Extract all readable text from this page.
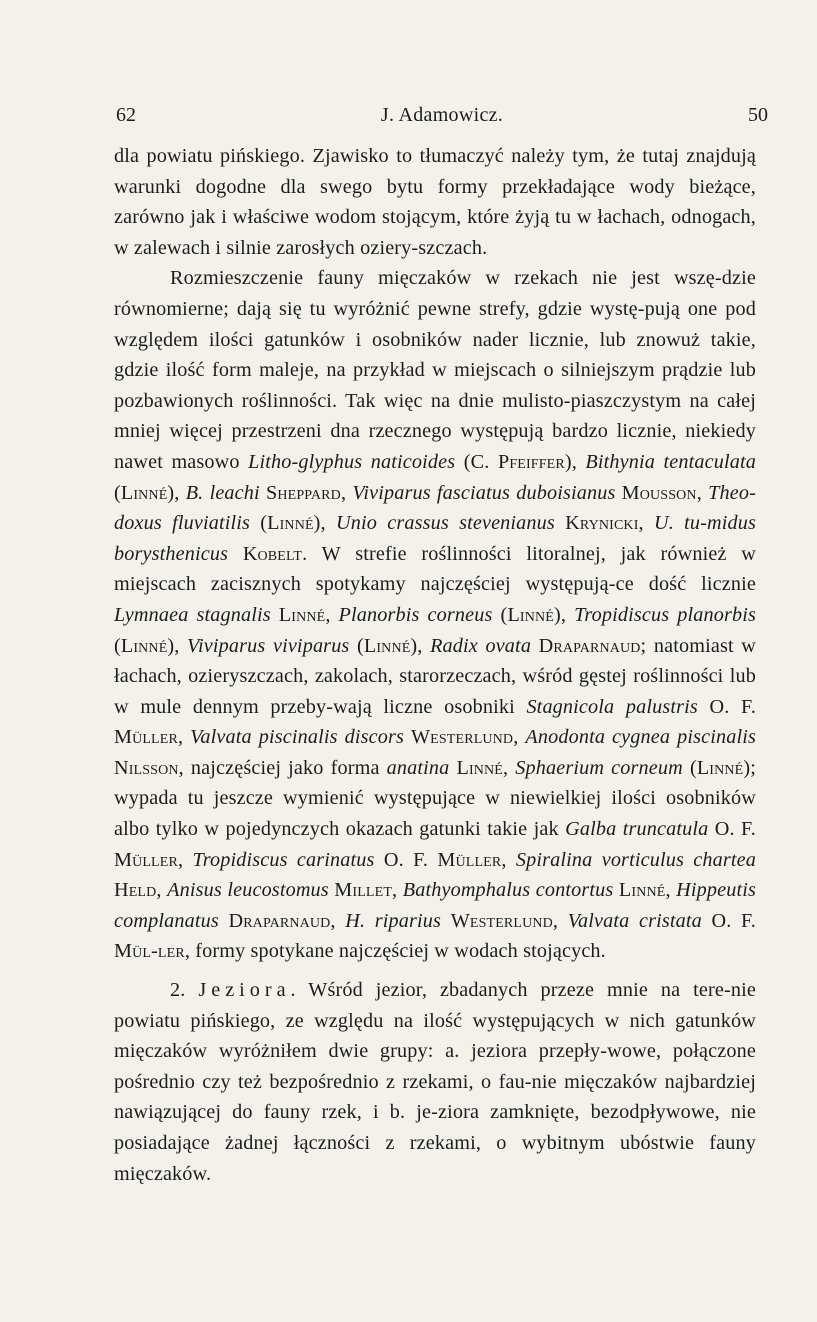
62	J. Adamowicz.	50

dla powiatu pińskiego. Zjawisko to tłumaczyć należy tym, że tutaj znajdują warunki dogodne dla swego bytu formy przekładające wody bieżące, zarówno jak i właściwe wodom stojącym, które żyją tu w łachach, odnogach, w zalewach i silnie zarosłych oziery-szczach.

Rozmieszczenie fauny mięczaków w rzekach nie jest wszę-dzie równomierne; dają się tu wyróżnić pewne strefy, gdzie wystę-pują one pod względem ilości gatunków i osobników nader licznie, lub znowuż takie, gdzie ilość form maleje, na przykład w miejscach o silniejszym prądzie lub pozbawionych roślinności. Tak więc na dnie mulisto-piaszczystym na całej mniej więcej przestrzeni dna rzecznego występują bardzo licznie, niekiedy nawet masowo Litho-glyphus naticoides (C. Pfeiffer), Bithynia tentaculata (Linné), B. leachi Sheppard, Viviparus fasciatus duboisianus Mousson, Theo-doxus fluviatilis (Linné), Unio crassus stevenianus Krynicki, U. tu-midus borysthenicus Kobelt. W strefie roślinności litoralnej, jak również w miejscach zacisznych spotykamy najczęściej występują-ce dość licznie Lymnaea stagnalis Linné, Planorbis corneus (Linné), Tropidiscus planorbis (Linné), Viviparus viviparus (Linné), Radix ovata Draparnaud; natomiast w łachach, ozieryszczach, zakolach, starorzeczach, wśród gęstej roślinności lub w mule dennym przeby-wają liczne osobniki Stagnicola palustris O. F. Müller, Valvata piscinalis discors Westerlund, Anodonta cygnea piscinalis Nilsson, najczęściej jako forma anatina Linné, Sphaerium corneum (Linné); wypada tu jeszcze wymienić występujące w niewielkiej ilości osobników albo tylko w pojedynczych okazach gatunki takie jak Galba truncatula O. F. Müller, Tropidiscus carinatus O. F. Müller, Spiralina vorticulus chartea Held, Anisus leucostomus Millet, Bathyomphalus contortus Linné, Hippeutis complanatus Draparnaud, H. riparius Westerlund, Valvata cristata O. F. Mül-ler, formy spotykane najczęściej w wodach stojących.

2. Jeziora. Wśród jezior, zbadanych przeze mnie na tere-nie powiatu pińskiego, ze względu na ilość występujących w nich gatunków mięczaków wyróżniłem dwie grupy: a. jeziora przepły-wowe, połączone pośrednio czy też bezpośrednio z rzekami, o fau-nie mięczaków najbardziej nawiązującej do fauny rzek, i b. je-ziora zamknięte, bezodpływowe, nie posiadające żadnej łączności z rzekami, o wybitnym ubóstwie fauny mięczaków.
